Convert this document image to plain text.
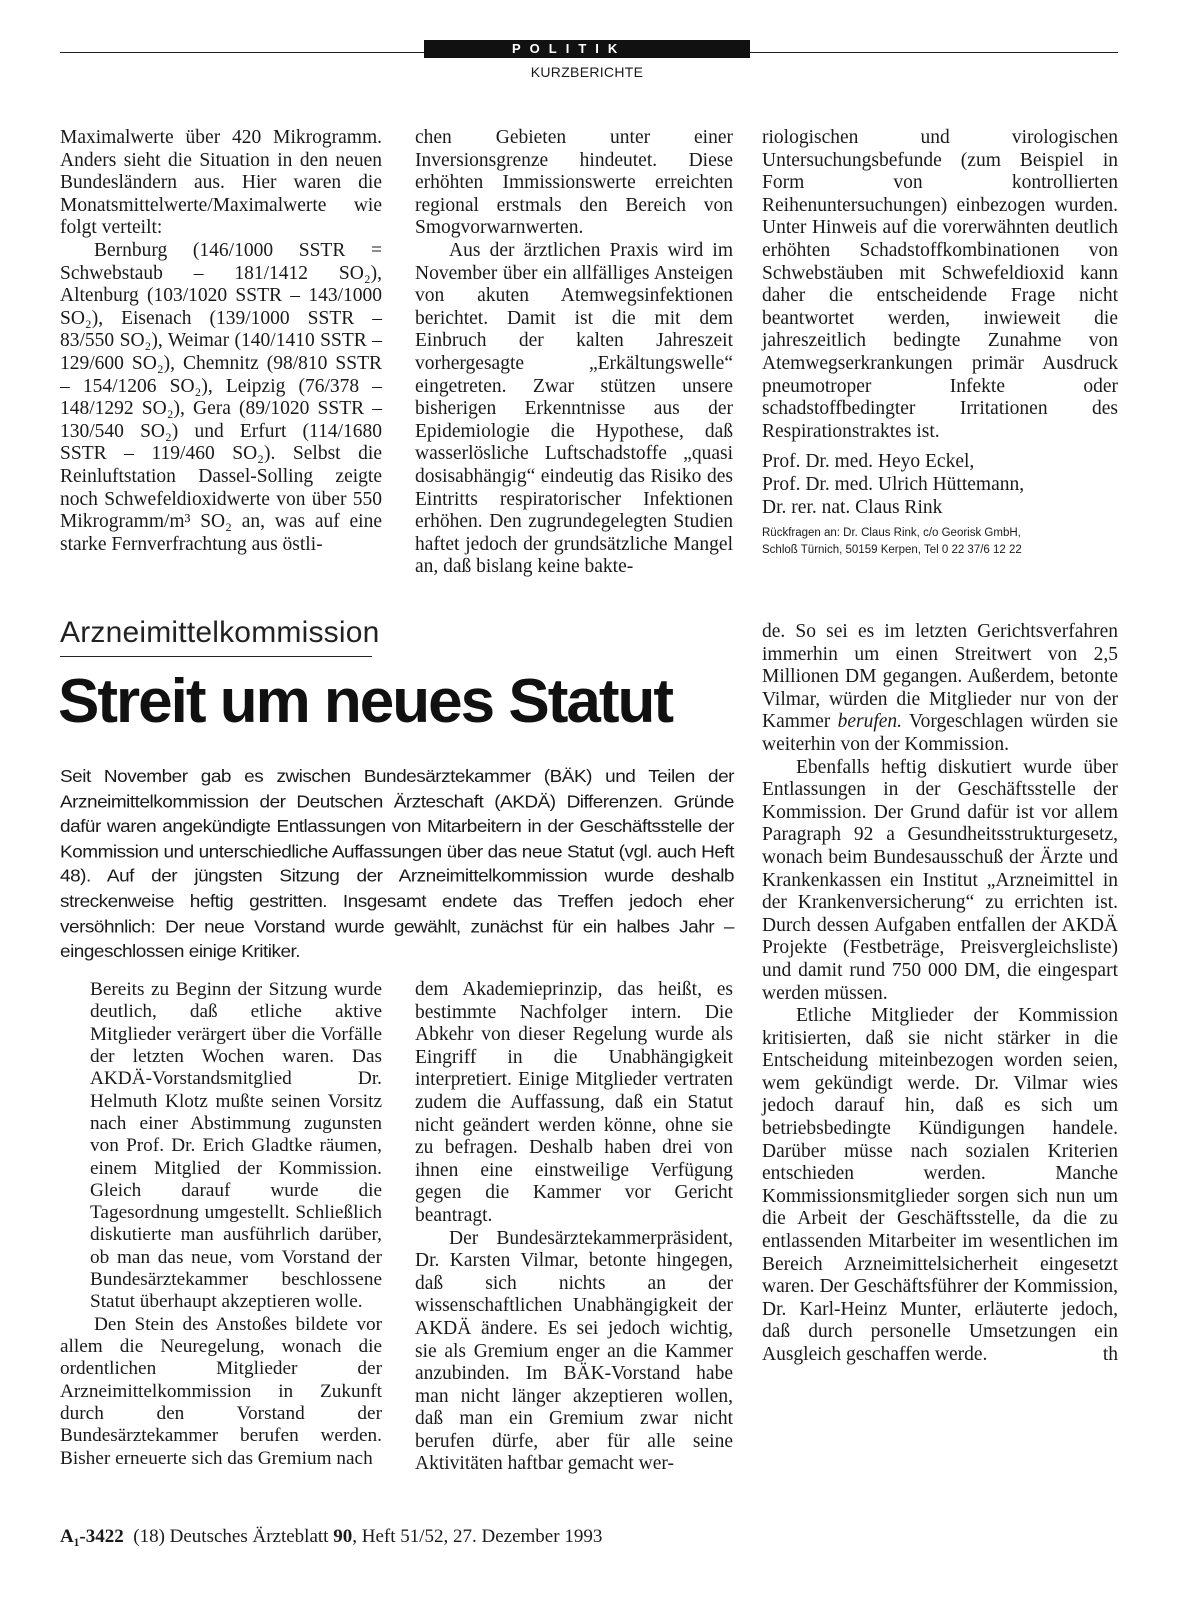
POLITIK
KURZBERICHTE

Maximalwerte über 420 Mikrogramm. Anders sieht die Situation in den neuen Bundesländern aus. Hier waren die Monatsmittelwerte/Maximalwerte wie folgt verteilt:

Bernburg (146/1000 SSTR = Schwebstaub – 181/1412 SO₂), Altenburg (103/1020 SSTR – 143/1000 SO₂), Eisenach (139/1000 SSTR – 83/550 SO₂), Weimar (140/1410 SSTR – 129/600 SO₂), Chemnitz (98/810 SSTR – 154/1206 SO₂), Leipzig (76/378 – 148/1292 SO₂), Gera (89/1020 SSTR – 130/540 SO₂) und Erfurt (114/1680 SSTR – 119/460 SO₂). Selbst die Reinluftstation Dassel-Solling zeigte noch Schwefeldioxidwerte von über 550 Mikrogramm/m³ SO₂ an, was auf eine starke Fernverfrachtung aus östli-

chen Gebieten unter einer Inversionsgrenze hindeutet. Diese erhöhten Immissionswerte erreichten regional erstmals den Bereich von Smogvorwarnwerten.

Aus der ärztlichen Praxis wird im November über ein allfälliges Ansteigen von akuten Atemwegsinfektionen berichtet. Damit ist die mit dem Einbruch der kalten Jahreszeit vorhergesagte „Erkältungswelle“ eingetreten. Zwar stützen unsere bisherigen Erkenntnisse aus der Epidemiologie die Hypothese, daß wasserlösliche Luftschadstoffe „quasi dosisabhängig“ eindeutig das Risiko des Eintritts respiratorischer Infektionen erhöhen. Den zugrundegelegten Studien haftet jedoch der grundsätzliche Mangel an, daß bislang keine bakte-

riologischen und virologischen Untersuchungsbefunde (zum Beispiel in Form von kontrollierten Reihenuntersuchungen) einbezogen wurden. Unter Hinweis auf die vorerwähnten deutlich erhöhten Schadstoffkombinationen von Schwebstäuben mit Schwefeldioxid kann daher die entscheidende Frage nicht beantwortet werden, inwieweit die jahreszeitlich bedingte Zunahme von Atemwegserkrankungen primär Ausdruck pneumotroper Infekte oder schadstoffbedingter Irritationen des Respirationstraktes ist.

Prof. Dr. med. Heyo Eckel,
Prof. Dr. med. Ulrich Hüttemann,
Dr. rer. nat. Claus Rink
Rückfragen an: Dr. Claus Rink, c/o Georisk GmbH,
Schloß Türnich, 50159 Kerpen, Tel 0 22 37/6 12 22
Arzneimittelkommission
Streit um neues Statut
Seit November gab es zwischen Bundesärztekammer (BÄK) und Teilen der Arzneimittelkommission der Deutschen Ärzteschaft (AKDÄ) Differenzen. Gründe dafür waren angekündigte Entlassungen von Mitarbeitern in der Geschäftsstelle der Kommission und unterschiedliche Auffassungen über das neue Statut (vgl. auch Heft 48). Auf der jüngsten Sitzung der Arzneimittelkommission wurde deshalb streckenweise heftig gestritten. Insgesamt endete das Treffen jedoch eher versöhnlich: Der neue Vorstand wurde gewählt, zunächst für ein halbes Jahr – eingeschlossen einige Kritiker.

Bereits zu Beginn der Sitzung wurde deutlich, daß etliche aktive Mitglieder verärgert über die Vorfälle der letzten Wochen waren. Das AKDÄ-Vorstandsmitglied Dr. Helmuth Klotz mußte seinen Vorsitz nach einer Abstimmung zugunsten von Prof. Dr. Erich Gladtke räumen, einem Mitglied der Kommission. Gleich darauf wurde die Tagesordnung umgestellt. Schließlich diskutierte man ausführlich darüber, ob man das neue, vom Vorstand der Bundesärztekammer beschlossene Statut überhaupt akzeptieren wolle.

Den Stein des Anstoßes bildete vor allem die Neuregelung, wonach die ordentlichen Mitglieder der Arzneimittelkommission in Zukunft durch den Vorstand der Bundesärztekammer berufen werden. Bisher erneuerte sich das Gremium nach

dem Akademieprinzip, das heißt, es bestimmte Nachfolger intern. Die Abkehr von dieser Regelung wurde als Eingriff in die Unabhängigkeit interpretiert. Einige Mitglieder vertraten zudem die Auffassung, daß ein Statut nicht geändert werden könne, ohne sie zu befragen. Deshalb haben drei von ihnen eine einstweilige Verfügung gegen die Kammer vor Gericht beantragt.

Der Bundesärztekammerpräsident, Dr. Karsten Vilmar, betonte hingegen, daß sich nichts an der wissenschaftlichen Unabhängigkeit der AKDÄ ändere. Es sei jedoch wichtig, sie als Gremium enger an die Kammer anzubinden. Im BÄK-Vorstand habe man nicht länger akzeptieren wollen, daß man ein Gremium zwar nicht berufen dürfe, aber für alle seine Aktivitäten haftbar gemacht wer-

de. So sei es im letzten Gerichtsverfahren immerhin um einen Streitwert von 2,5 Millionen DM gegangen. Außerdem, betonte Vilmar, würden die Mitglieder nur von der Kammer berufen. Vorgeschlagen würden sie weiterhin von der Kommission.

Ebenfalls heftig diskutiert wurde über Entlassungen in der Geschäftsstelle der Kommission. Der Grund dafür ist vor allem Paragraph 92 a Gesundheitsstrukturgesetz, wonach beim Bundesausschuß der Ärzte und Krankenkassen ein Institut „Arzneimittel in der Krankenversicherung“ zu errichten ist. Durch dessen Aufgaben entfallen der AKDÄ Projekte (Festbeträge, Preisvergleichsliste) und damit rund 750 000 DM, die eingespart werden müssen.

Etliche Mitglieder der Kommission kritisierten, daß sie nicht stärker in die Entscheidung miteinbezogen worden seien, wem gekündigt werde. Dr. Vilmar wies jedoch darauf hin, daß es sich um betriebsbedingte Kündigungen handele. Darüber müsse nach sozialen Kriterien entschieden werden. Manche Kommissionsmitglieder sorgen sich nun um die Arbeit der Geschäftsstelle, da die zu entlassenden Mitarbeiter im wesentlichen im Bereich Arzneimittelsicherheit eingesetzt waren. Der Geschäftsführer der Kommission, Dr. Karl-Heinz Munter, erläuterte jedoch, daß durch personelle Umsetzungen ein Ausgleich geschaffen werde.	th

A₁-3422 (18) Deutsches Ärzteblatt 90, Heft 51/52, 27. Dezember 1993
